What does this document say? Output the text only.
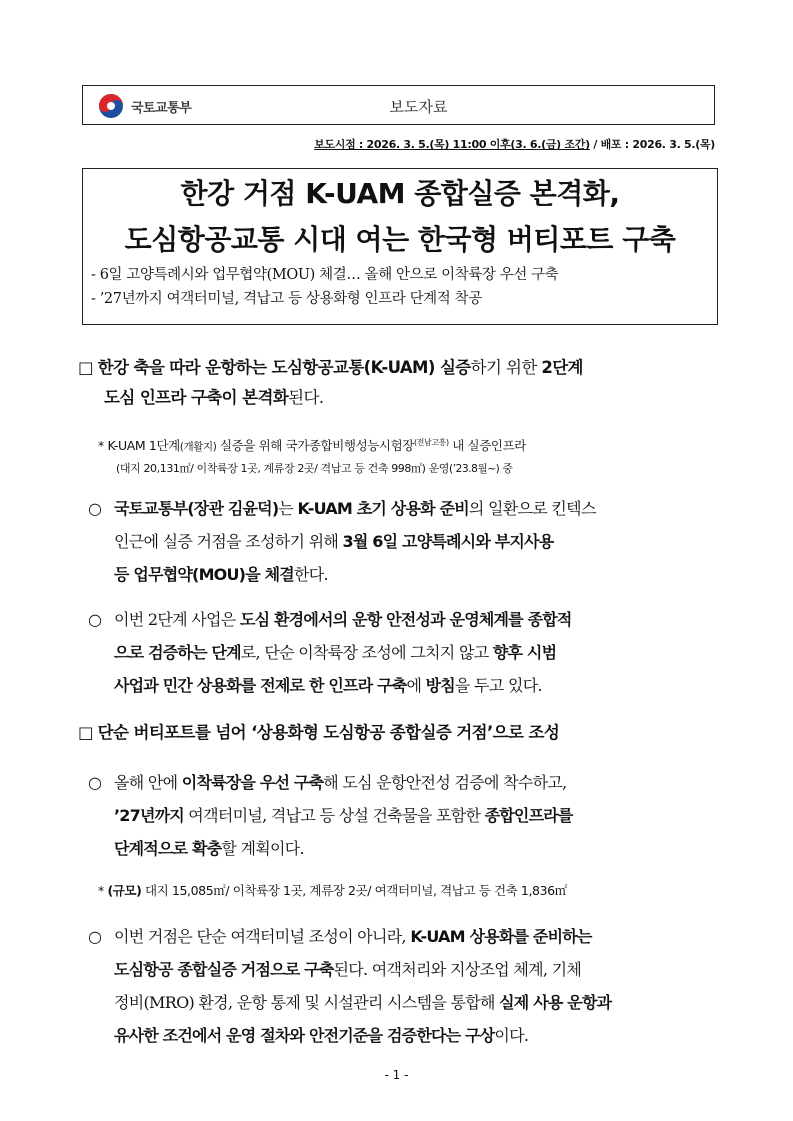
국토교통부	보도자료
보도시점 : 2026. 3. 5.(목) 11:00 이후(3. 6.(금) 조간) / 배포 : 2026. 3. 5.(목)
한강 거점 K-UAM 종합실증 본격화,
도심항공교통 시대 여는 한국형 버티포트 구축
- 6일 고양특례시와 업무협약(MOU) 체결… 올해 안으로 이착륙장 우선 구축
- ’27년까지 여객터미널, 격납고 등 상용화형 인프라 단계적 착공
□ 한강 축을 따라 운항하는 도심항공교통(K-UAM) 실증하기 위한 2단계
도심 인프라 구축이 본격화된다.
* K-UAM 1단계(개활지) 실증을 위해 국가종합비행성능시험장$^{(전남고흥)}$ 내 실증인프라
(대지 20,131㎡/ 이착륙장 1곳, 계류장 2곳/ 격납고 등 건축 998㎡) 운영(’23.8월~) 중
○ 국토교통부(장관 김윤덕)는 K-UAM 초기 상용화 준비의 일환으로 킨텍스
인근에 실증 거점을 조성하기 위해 3월 6일 고양특례시와 부지사용
등 업무협약(MOU)을 체결한다.
○ 이번 2단계 사업은 도심 환경에서의 운항 안전성과 운영체계를 종합적
으로 검증하는 단계로, 단순 이착륙장 조성에 그치지 않고 향후 시범
사업과 민간 상용화를 전제로 한 인프라 구축에 방침을 두고 있다.
□ 단순 버티포트를 넘어 ‘상용화형 도심항공 종합실증 거점’으로 조성
○ 올해 안에 이착륙장을 우선 구축해 도심 운항안전성 검증에 착수하고,
’27년까지 여객터미널, 격납고 등 상설 건축물을 포함한 종합인프라를
단계적으로 확충할 계획이다.
* (규모) 대지 15,085㎡/ 이착륙장 1곳, 계류장 2곳/ 여객터미널, 격납고 등 건축 1,836㎡
○ 이번 거점은 단순 여객터미널 조성이 아니라, K-UAM 상용화를 준비하는
도심항공 종합실증 거점으로 구축된다. 여객처리와 지상조업 체계, 기체
정비(MRO) 환경, 운항 통제 및 시설관리 시스템을 통합해 실제 사용 운항과
유사한 조건에서 운영 절차와 안전기준을 검증한다는 구상이다.
- 1 -
